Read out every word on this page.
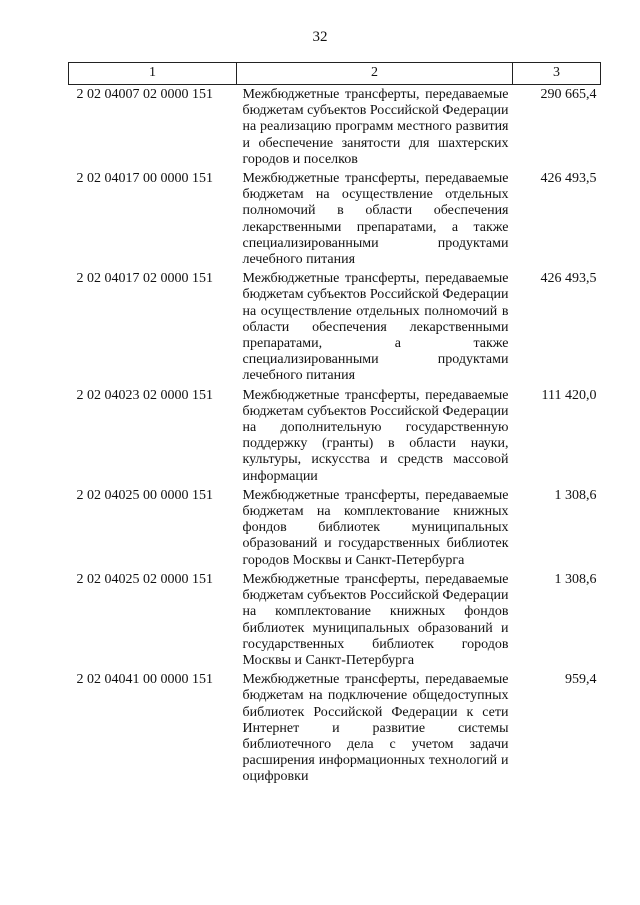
32
1	2	3
2 02 04007 02 0000 151	Межбюджетные трансферты, передаваемые бюджетам субъектов Российской Федерации на реализацию программ местного развития и обеспечение занятости для шахтерских городов и поселков	290 665,4
2 02 04017 00 0000 151	Межбюджетные трансферты, передаваемые бюджетам на осуществление отдельных полномочий в области обеспечения лекарственными препаратами, а также специализированными продуктами лечебного питания	426 493,5
2 02 04017 02 0000 151	Межбюджетные трансферты, передаваемые бюджетам субъектов Российской Федерации на осуществление отдельных полномочий в области обеспечения лекарственными препаратами, а также специализированными продуктами лечебного питания	426 493,5
2 02 04023 02 0000 151	Межбюджетные трансферты, передаваемые бюджетам субъектов Российской Федерации на дополнительную государственную поддержку (гранты) в области науки, культуры, искусства и средств массовой информации	111 420,0
2 02 04025 00 0000 151	Межбюджетные трансферты, передаваемые бюджетам на комплектование книжных фондов библиотек муниципальных образований и государственных библиотек городов Москвы и Санкт-Петербурга	1 308,6
2 02 04025 02 0000 151	Межбюджетные трансферты, передаваемые бюджетам субъектов Российской Федерации на комплектование книжных фондов библиотек муниципальных образований и государственных библиотек городов Москвы и Санкт-Петербурга	1 308,6
2 02 04041 00 0000 151	Межбюджетные трансферты, передаваемые бюджетам на подключение общедоступных библиотек Российской Федерации к сети Интернет и развитие системы библиотечного дела с учетом задачи расширения информационных технологий и оцифровки	959,4
